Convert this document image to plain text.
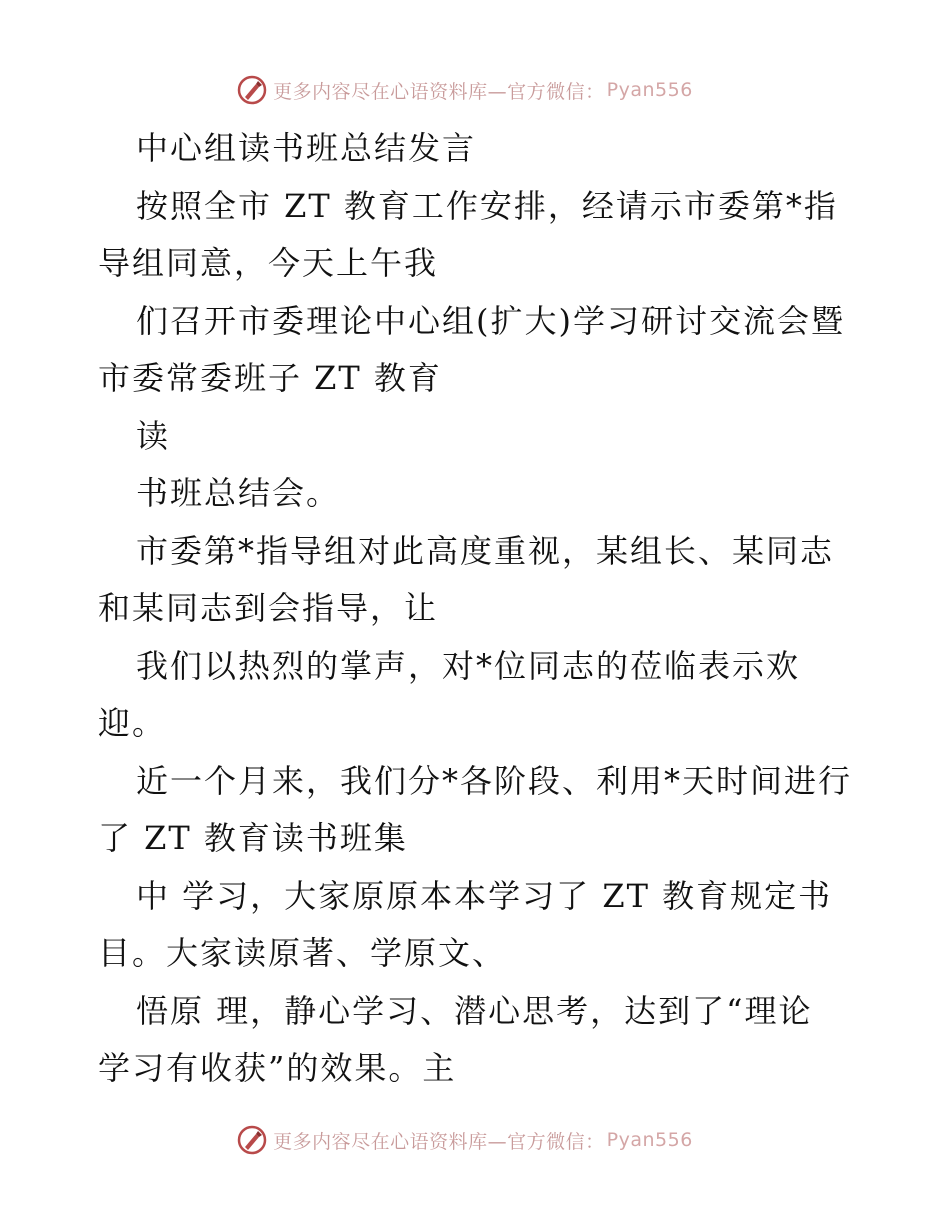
更多内容尽在心语资料库—官方微信： Pyan556
中心组读书班总结发言
按照全市 ZT 教育工作安排，经请示市委第*指
导组同意，今天上午我
们召开市委理论中心组(扩大)学习研讨交流会暨
市委常委班子 ZT 教育
读
书班总结会。
市委第*指导组对此高度重视，某组长、某同志
和某同志到会指导，让
我们以热烈的掌声，对*位同志的莅临表示欢
迎。
近一个月来，我们分*各阶段、利用*天时间进行
了 ZT 教育读书班集
中 学习，大家原原本本学习了 ZT 教育规定书
目。大家读原著、学原文、
悟原 理，静心学习、潜心思考，达到了“理论
学习有收获”的效果。主
更多内容尽在心语资料库—官方微信： Pyan556
